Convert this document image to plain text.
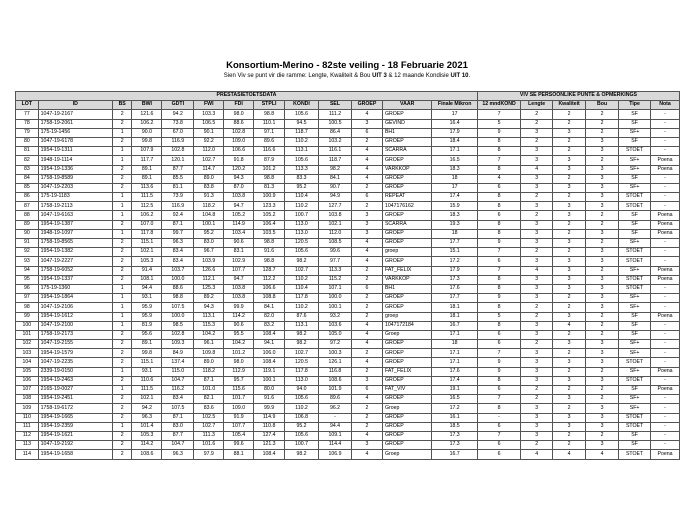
Konsortium-Merino - 82ste veiling - 18 Februarie 2021
Sien Viv se punt vir die ramme: Lengte, Kwaliteit & Bou UIT 3 & 12 maande Kondisie UIT 10.
PRESTASIETOETSDATA													VIV SE PERSOONLIKE PUNTE & OPMERKINGS					
LOT	ID	BS	BWI	GDTI	FWI	FDI	STPLI	KONDI	SEL	GROEP	VAAR	Finale Mikron	12 mndKOND	Lengte	Kwaliteit	Bou	Tipe	Nota
77	1047-19-2167	2	121.6	94.2	103.3	98.0	98.8	105.6	111.2	4	GROEP	17	7	2	2	2	SF	-
78	1758-19-2061	2	106.2	73.8	106.5	88.6	110.1	94.5	100.5	3	GEVIND	16.4	5	2	2	2	SF	-
79	175-19-1456	1	90.0	67.0	90.1	102.8	97.1	118.7	86.4	6	BH1	17.9	9	3	3	2	SF+	-
80	1047-19-6178	2	99.8	116.9	92.2	109.0	89.6	110.2	103.2	2	GROEP	18.4	8	2	2	3	SF	-
81	1954-19-1311	1	107.9	102.8	112.0	106.6	116.6	113.1	116.1	4	SCARRA	17.1	8	3	2	3	STOET	-
82	1948-19-1114	1	117.7	120.1	102.7	91.8	87.9	105.6	118.7	4	GROEP	16.5	7	3	3	2	SF+	Poena
83	1954-19-1336	2	89.1	87.7	114.7	120.2	101.2	113.3	98.2	4	VARKKOP	18.3	8	4	3	3	SF+	Poena
84	1758-19-8589	2	89.1	85.5	89.0	94.3	98.8	83.3	84.1	4	GROEP	18	4	3	2	3	SF	-
85	1047-19-2203	2	113.6	81.1	83.8	87.0	81.3	95.2	90.7	2	GROEP	17	6	3	3	3	SF+	-
86	175-19-1183	1	111.5	73.9	91.3	103.8	100.9	110.4	94.9	6	REPEAT	17.4	8	2	2	3	STOET	-
87	1758-19-2113	1	112.5	116.9	118.2	94.7	123.3	110.2	127.7	2	1047176162	15.9	8	3	3	3	STOET	-
88	1047-19-6163	1	106.2	92.4	104.8	105.2	105.2	100.7	103.8	3	GROEP	18.3	6	2	3	2	SF	Poena
89	1954-19-1387	2	107.0	87.1	100.1	114.9	106.4	113.0	102.1	3	SCARRA	19.3	8	3	2	2	SF	Poena
90	1948-19-1097	1	117.8	99.7	95.2	103.4	103.5	113.0	112.0	3	GROEP	18	8	3	2	3	SF	Poena
91	1758-19-8565	2	115.1	96.3	83.0	90.6	98.8	120.5	108.5	4	GROEP	17.7	9	3	3	2	SF+	-
92	1954-19-1382	2	102.1	83.4	96.7	83.1	91.6	105.6	99.6	4	groep	15.1	7	2	2	3	STOET	-
93	1047-19-2227	2	105.3	83.4	103.9	102.9	98.8	98.2	97.7	4	GROEP	17.2	6	3	3	3	STOET	-
94	1758-19-6052	2	91.4	103.7	126.6	107.7	128.7	102.7	113.3	2	FAT_FELIX	17.9	7	4	3	2	SF+	Poena
95	1954-19-1337	2	108.1	100.0	112.1	94.7	112.2	110.2	115.2	2	VARKKOP	17.3	8	3	3	3	STOET	Poena
96	175-19-1360	1	94.4	88.6	125.3	103.8	106.6	110.4	107.1	6	BH1	17.6	8	3	3	3	STOET	-
97	1954-19-1864	1	93.1	98.8	89.2	103.8	108.8	117.8	100.0	2	GROEP	17.7	9	3	2	3	SF+	-
98	1047-19-2106	1	95.9	107.5	94.3	99.9	84.1	110.2	100.1	2	GROEP	18.1	8	2	2	3	SF+	-
99	1954-19-1612	1	95.9	100.0	113.1	114.2	82.0	87.6	93.2	2	groep	18.1	5	2	3	2	SF	Poena
100	1047-19-2100	1	81.9	98.5	115.3	90.6	83.2	113.1	103.6	4	1047172184	16.7	8	3	4	2	SF	-
101	1758-19-2173	2	95.6	102.8	104.2	95.5	108.4	98.2	105.0	4	Groep	17.1	6	3	2	2	SF	-
102	1047-19-2155	2	89.1	109.3	96.1	104.2	94.1	98.2	97.2	4	GROEP	18	6	2	3	3	SF+	-
103	1954-19-1579	2	99.8	84.9	109.8	101.2	106.0	102.7	100.3	2	GROEP	17.1	7	3	2	3	SF+	-
104	1047-19-2235	2	115.1	137.4	89.0	98.0	108.4	120.5	126.1	4	GROEP	17.1	9	3	3	3	STOET	-
105	2339-19-0150	1	93.1	115.0	118.2	112.9	119.1	117.8	116.8	2	FAT_FELIX	17.6	9	3	2	2	SF+	Poena
106	1954-19-2463	2	110.6	104.7	87.1	95.7	100.1	113.0	108.6	3	GROEP	17.4	8	3	3	3	STOET	-
107	2165-19-0027	1	111.5	116.2	101.0	115.6	80.0	94.0	101.9	6	FAT_VIV	19.1	6	2	2	2	SF	Poena
108	1954-19-2451	2	102.1	83.4	82.1	101.7	91.6	105.6	89.6	4	GROEP	16.5	7	2	3	2	SF+	-
109	1758-19-6172	2	94.2	107.5	83.6	109.0	99.9	110.2	96.2	2	Groep	17.2	8	3	2	3	SF+	-
110	1954-19-1665	2	96.3	87.1	102.5	91.9	114.9	106.8	-	2	GROEP	16.1	-	3	3	3	STOET	-
111	1954-19-2359	1	101.4	83.0	102.7	107.7	110.8	95.2	94.4	2	GROEP	18.5	6	3	3	3	STOET	-
112	1954-19-1621	2	105.3	87.7	111.3	105.4	127.4	105.6	109.1	4	GROEP	17.3	7	3	2	2	SF	-
113	1047-19-2192	2	114.2	104.7	101.6	99.6	121.3	100.7	114.4	3	GROEP	17.3	6	2	2	3	SF	-
114	1954-19-1658	2	108.6	96.3	97.9	88.1	108.4	98.2	106.9	4	Groep	16.7	6	4	4	4	STOET	Poena
